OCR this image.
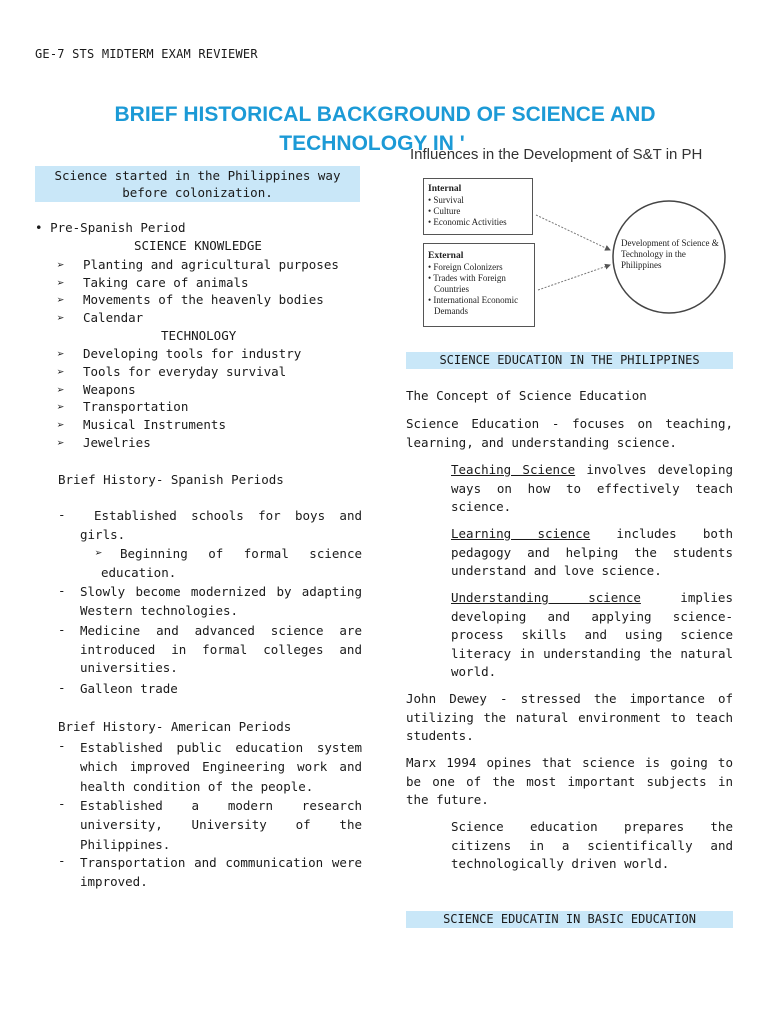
GE-7 STS MIDTERM EXAM REVIEWER
BRIEF HISTORICAL BACKGROUND OF SCIENCE AND
TECHNOLOGY IN '
Science started in the Philippines way before colonization.
• Pre-Spanish Period
SCIENCE KNOWLEDGE
➢ Planting and agricultural purposes
➢ Taking care of animals
➢ Movements of the heavenly bodies
➢ Calendar
TECHNOLOGY
➢ Developing tools for industry
➢ Tools for everyday survival
➢ Weapons
➢ Transportation
➢ Musical Instruments
➢ Jewelries
Brief History- Spanish Periods
-	Established schools for boys and girls.
➢	Beginning of formal science education.
- Slowly become modernized by adapting Western technologies.
- Medicine and advanced science are introduced in formal colleges and universities.
- Galleon trade
Brief History- American Periods
- Established public education system which improved Engineering work and health condition of the people.
- Established a modern research university, University of the Philippines.
- Transportation and communication were improved.
Influences in the Development of S&T in PH
Internal
• Survival
• Culture
• Economic Activities
External
• Foreign Colonizers
• Trades with Foreign Countries
• International Economic Demands
Development of Science & Technology in the Philippines
SCIENCE EDUCATION IN THE PHILIPPINES
The Concept of Science Education
Science Education - focuses on teaching, learning, and understanding science.
Teaching Science involves developing ways on how to effectively teach science.
Learning science includes both pedagogy and helping the students understand and love science.
Understanding science implies developing and applying science-process skills and using science literacy in understanding the natural world.
John Dewey - stressed the importance of utilizing the natural environment to teach students.
Marx 1994 opines that science is going to be one of the most important subjects in the future.
Science education prepares the citizens in a scientifically and technologically driven world.
SCIENCE EDUCATIN IN BASIC EDUCATION
